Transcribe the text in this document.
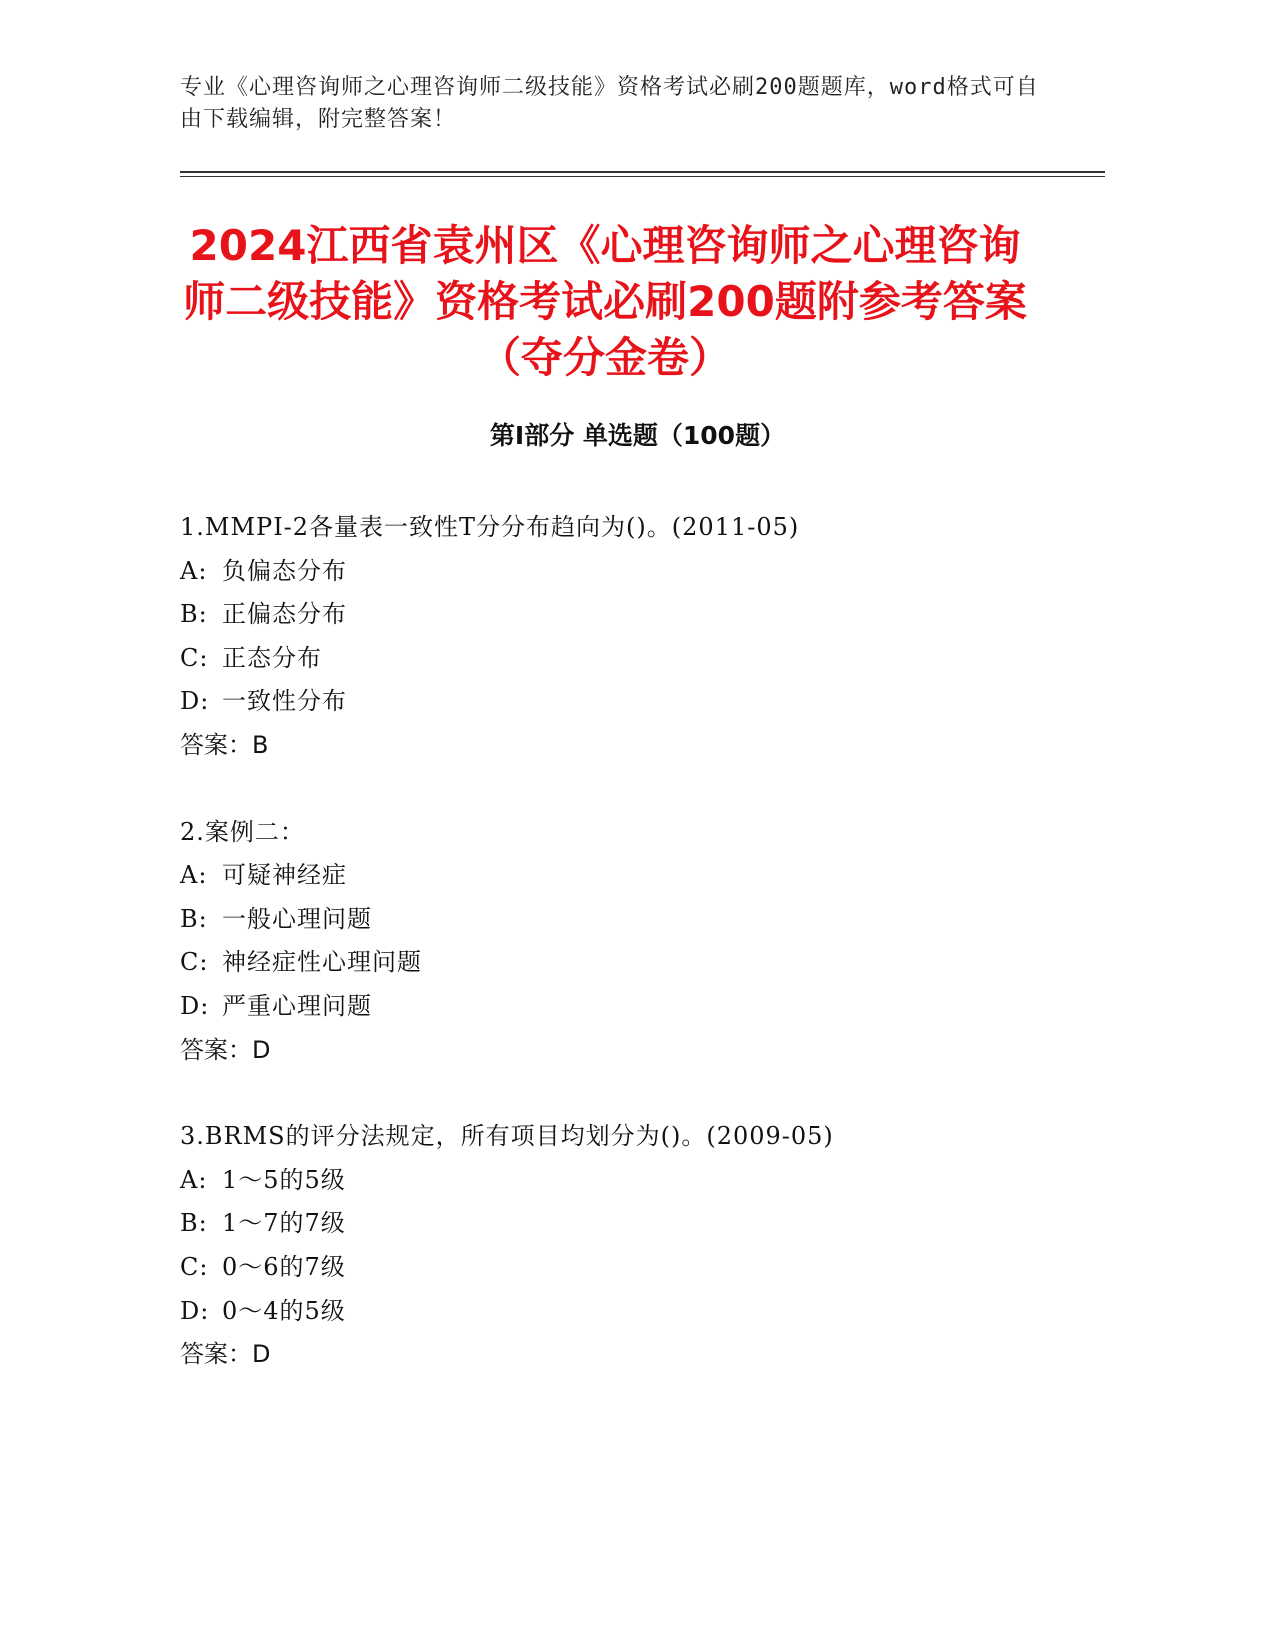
专业《心理咨询师之心理咨询师二级技能》资格考试必刷200题题库，word格式可自由下载编辑，附完整答案！
2024江西省袁州区《心理咨询师之心理咨询师二级技能》资格考试必刷200题附参考答案（夺分金卷）
第I部分 单选题（100题）
1.MMPI-2各量表一致性T分分布趋向为()。(2011-05)
A: 负偏态分布
B: 正偏态分布
C: 正态分布
D: 一致性分布
答案：B
2.案例二：
A: 可疑神经症
B: 一般心理问题
C: 神经症性心理问题
D: 严重心理问题
答案：D
3.BRMS的评分法规定，所有项目均划分为()。(2009-05)
A: 1～5的5级
B: 1～7的7级
C: 0～6的7级
D: 0～4的5级
答案：D
